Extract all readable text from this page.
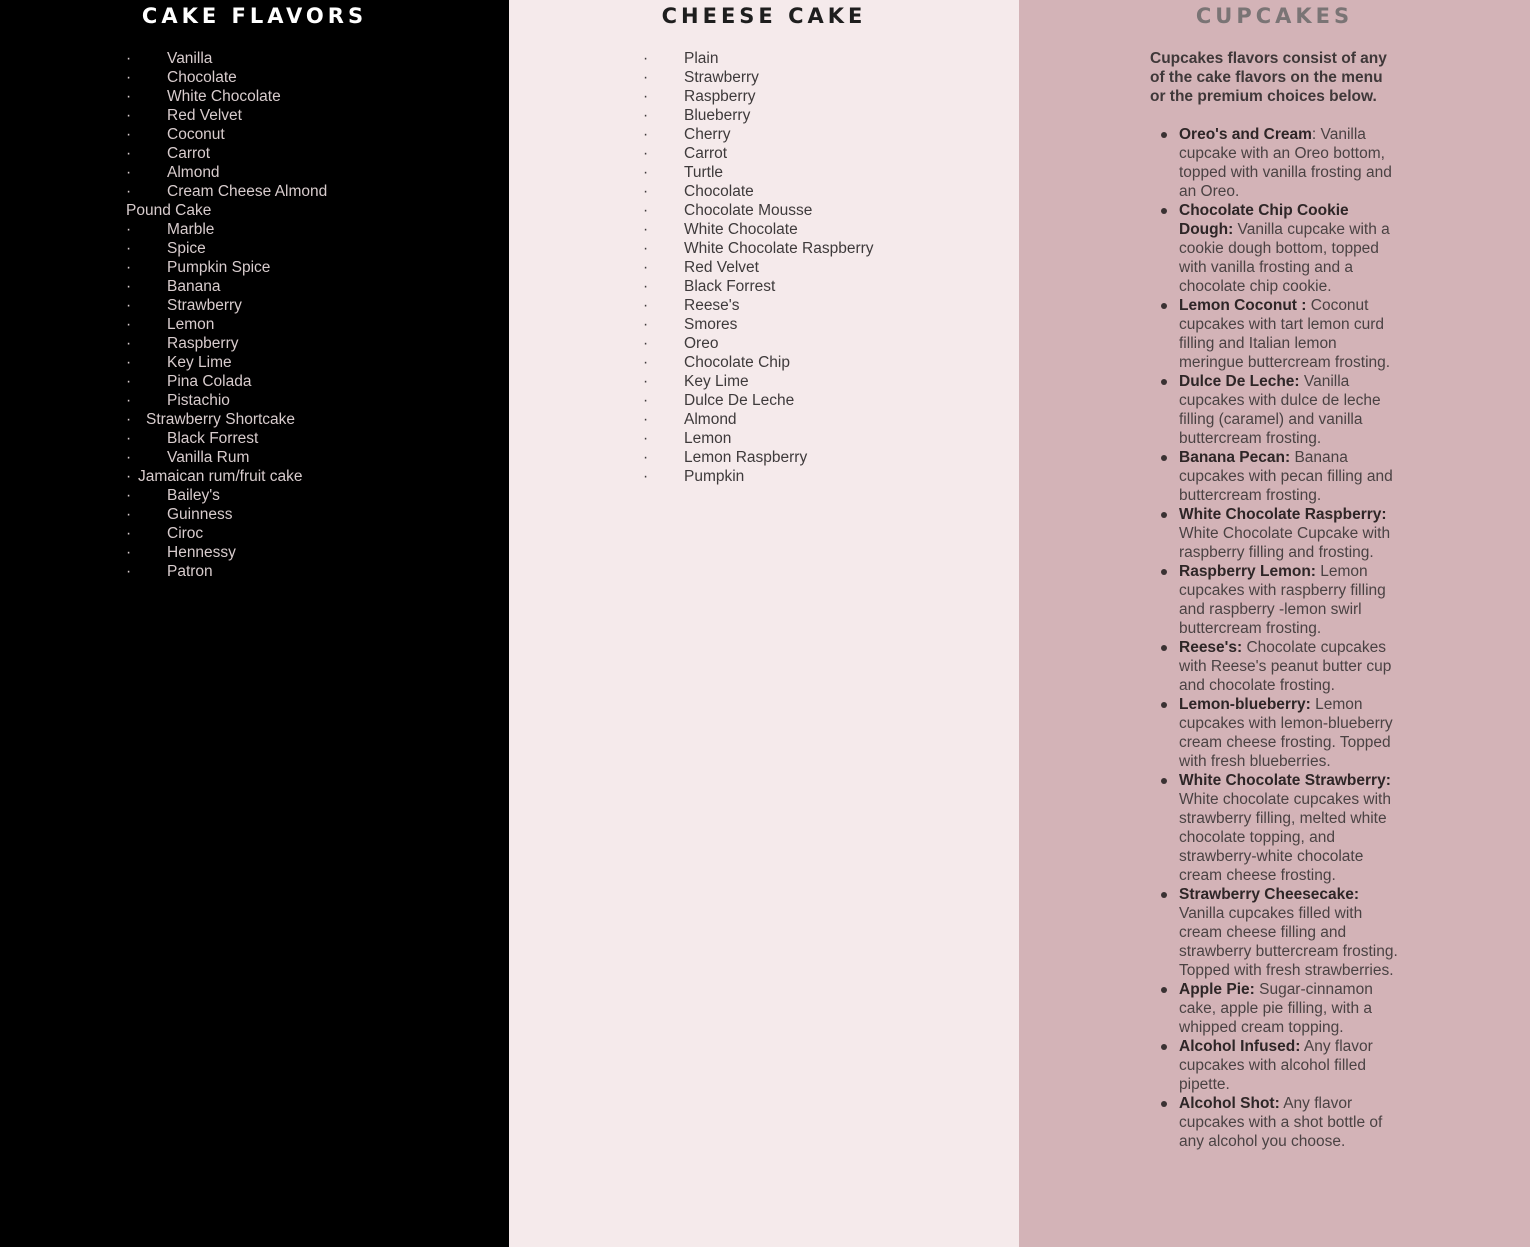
CAKE FLAVORS
· Vanilla
· Chocolate
· White Chocolate
· Red Velvet
· Coconut
· Carrot
· Almond
· Cream Cheese Almond
Pound Cake
· Marble
· Spice
· Pumpkin Spice
· Banana
· Strawberry
· Lemon
· Raspberry
· Key Lime
· Pina Colada
· Pistachio
· Strawberry Shortcake
· Black Forrest
· Vanilla Rum
· Jamaican rum/fruit cake
· Bailey's
· Guinness
· Ciroc
· Hennessy
· Patron
CHEESE CAKE
· Plain
· Strawberry
· Raspberry
· Blueberry
· Cherry
· Carrot
· Turtle
· Chocolate
· Chocolate Mousse
· White Chocolate
· White Chocolate Raspberry
· Red Velvet
· Black Forrest
· Reese's
· Smores
· Oreo
· Chocolate Chip
· Key Lime
· Dulce De Leche
· Almond
· Lemon
· Lemon Raspberry
· Pumpkin
CUPCAKES

Cupcakes flavors consist of any of the cake flavors on the menu or the premium choices below.

Oreo's and Cream: Vanilla cupcake with an Oreo bottom, topped with vanilla frosting and an Oreo.
Chocolate Chip Cookie Dough: Vanilla cupcake with a cookie dough bottom, topped with vanilla frosting and a chocolate chip cookie.
Lemon Coconut : Coconut cupcakes with tart lemon curd filling and Italian lemon meringue buttercream frosting.
Dulce De Leche: Vanilla cupcakes with dulce de leche filling (caramel) and vanilla buttercream frosting.
Banana Pecan: Banana cupcakes with pecan filling and buttercream frosting.
White Chocolate Raspberry: White Chocolate Cupcake with raspberry filling and frosting.
Raspberry Lemon: Lemon cupcakes with raspberry filling and raspberry -lemon swirl buttercream frosting.
Reese's: Chocolate cupcakes with Reese's peanut butter cup and chocolate frosting.
Lemon-blueberry: Lemon cupcakes with lemon-blueberry cream cheese frosting. Topped with fresh blueberries.
White Chocolate Strawberry: White chocolate cupcakes with strawberry filling, melted white chocolate topping, and strawberry-white chocolate cream cheese frosting.
Strawberry Cheesecake: Vanilla cupcakes filled with cream cheese filling and strawberry buttercream frosting. Topped with fresh strawberries.
Apple Pie: Sugar-cinnamon cake, apple pie filling, with a whipped cream topping.
Alcohol Infused: Any flavor cupcakes with alcohol filled pipette.
Alcohol Shot: Any flavor cupcakes with a shot bottle of any alcohol you choose.
